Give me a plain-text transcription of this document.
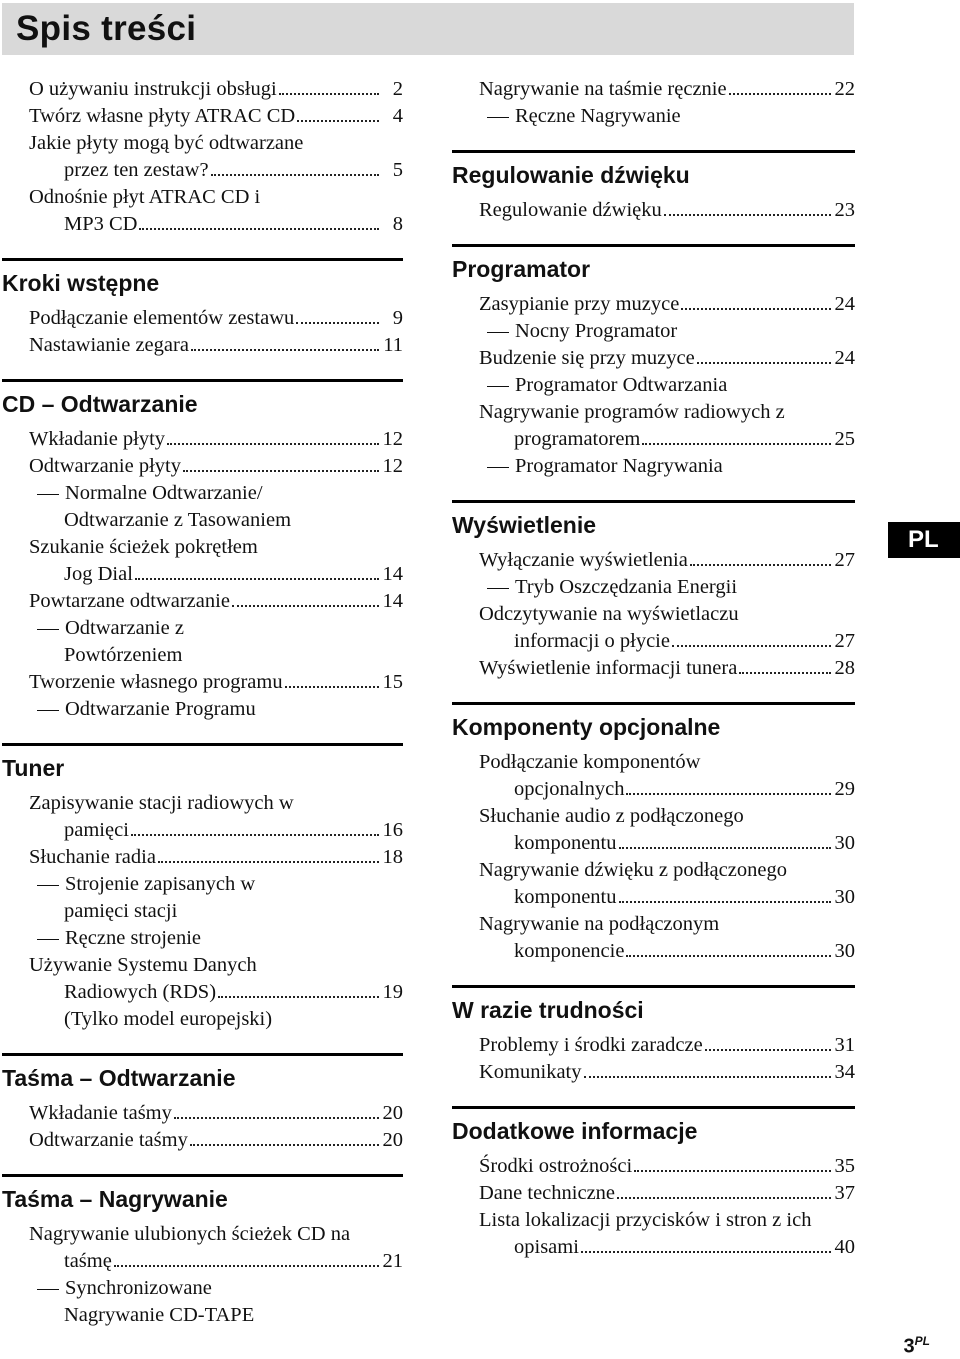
Spis treści
O używaniu instrukcji obsługi	2
Twórz własne płyty ATRAC CD	4
Jakie płyty mogą być odtwarzane
przez ten zestaw?	5
Odnośnie płyt ATRAC CD i
MP3 CD	8
Kroki wstępne
Podłączanie elementów zestawu	9
Nastawianie zegara	11
CD – Odtwarzanie
Wkładanie płyty	12
Odtwarzanie płyty	12
Normalne Odtwarzanie/
Odtwarzanie z Tasowaniem
Szukanie ścieżek pokrętłem
Jog Dial	14
Powtarzane odtwarzanie	14
Odtwarzanie z
Powtórzeniem
Tworzenie własnego programu	15
Odtwarzanie Programu
Tuner
Zapisywanie stacji radiowych w
pamięci	16
Słuchanie radia	18
Strojenie zapisanych w
pamięci stacji
Ręczne strojenie
Używanie Systemu Danych
Radiowych (RDS)	19
(Tylko model europejski)
Taśma – Odtwarzanie
Wkładanie taśmy	20
Odtwarzanie taśmy	20
Taśma – Nagrywanie
Nagrywanie ulubionych ścieżek CD na
taśmę	21
Synchronizowane
Nagrywanie CD-TAPE
Nagrywanie na taśmie ręcznie	22
Ręczne Nagrywanie
Regulowanie dźwięku
Regulowanie dźwięku	23
Programator
Zasypianie przy muzyce	24
Nocny Programator
Budzenie się przy muzyce	24
Programator Odtwarzania
Nagrywanie programów radiowych z
programatorem	25
Programator Nagrywania
Wyświetlenie
Wyłączanie wyświetlenia	27
Tryb Oszczędzania Energii
Odczytywanie na wyświetlaczu
informacji o płycie	27
Wyświetlenie informacji tunera	28
Komponenty opcjonalne
Podłączanie komponentów
opcjonalnych	29
Słuchanie audio z podłączonego
komponentu	30
Nagrywanie dźwięku z podłączonego
komponentu	30
Nagrywanie na podłączonym
komponencie	30
W razie trudności
Problemy i środki zaradcze	31
Komunikaty	34
Dodatkowe informacje
Środki ostrożności	35
Dane techniczne	37
Lista lokalizacji przycisków i stron z ich
opisami	40
PL
$3^{PL}$
